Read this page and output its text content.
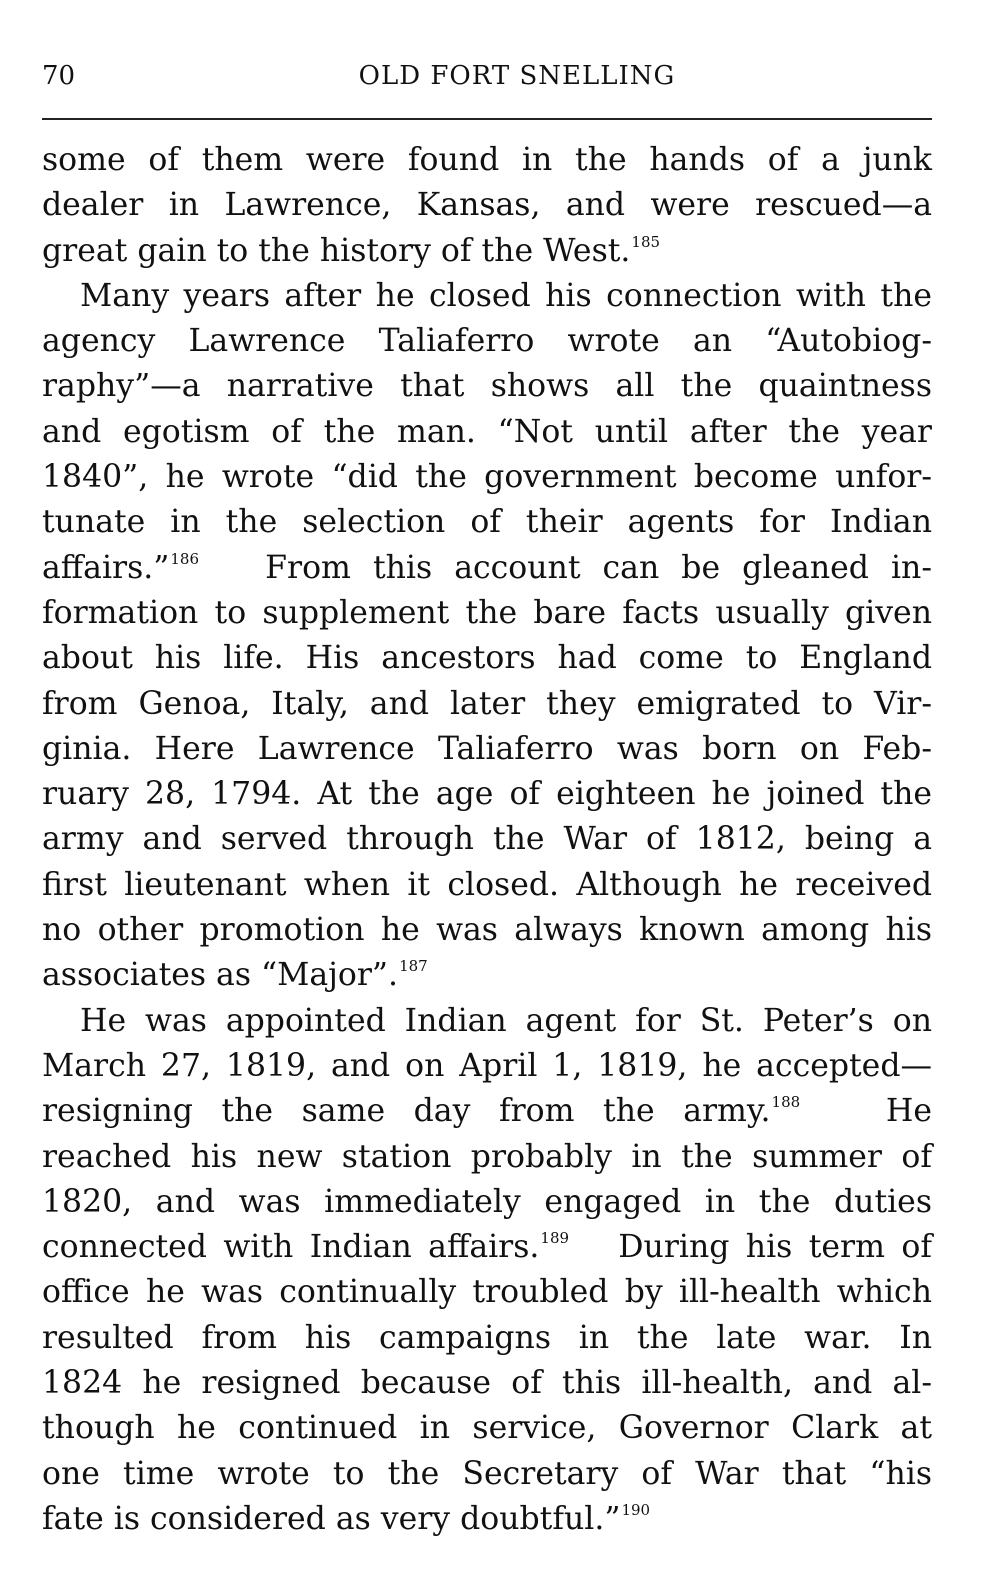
70	OLD FORT SNELLING

some of them were found in the hands of a junk
dealer in Lawrence, Kansas, and were rescued—a
great gain to the history of the West.$^{185}$

Many years after he closed his connection with the
agency Lawrence Taliaferro wrote an “Autobiog-
raphy”—a narrative that shows all the quaintness
and egotism of the man. “Not until after the year
1840”, he wrote “did the government become unfor-
tunate in the selection of their agents for Indian
affairs.”$^{186}$ From this account can be gleaned in-
formation to supplement the bare facts usually given
about his life. His ancestors had come to England
from Genoa, Italy, and later they emigrated to Vir-
ginia. Here Lawrence Taliaferro was born on Feb-
ruary 28, 1794. At the age of eighteen he joined the
army and served through the War of 1812, being a
first lieutenant when it closed. Although he received
no other promotion he was always known among his
associates as “Major”.$^{187}$

He was appointed Indian agent for St. Peter’s on
March 27, 1819, and on April 1, 1819, he accepted—
resigning the same day from the army.$^{188}$	He
reached his new station probably in the summer of
1820, and was immediately engaged in the duties
connected with Indian affairs.$^{189}$ During his term of
office he was continually troubled by ill-health which
resulted from his campaigns in the late war. In
1824 he resigned because of this ill-health, and al-
though he continued in service, Governor Clark at
one time wrote to the Secretary of War that “his
fate is considered as very doubtful.”$^{190}$
